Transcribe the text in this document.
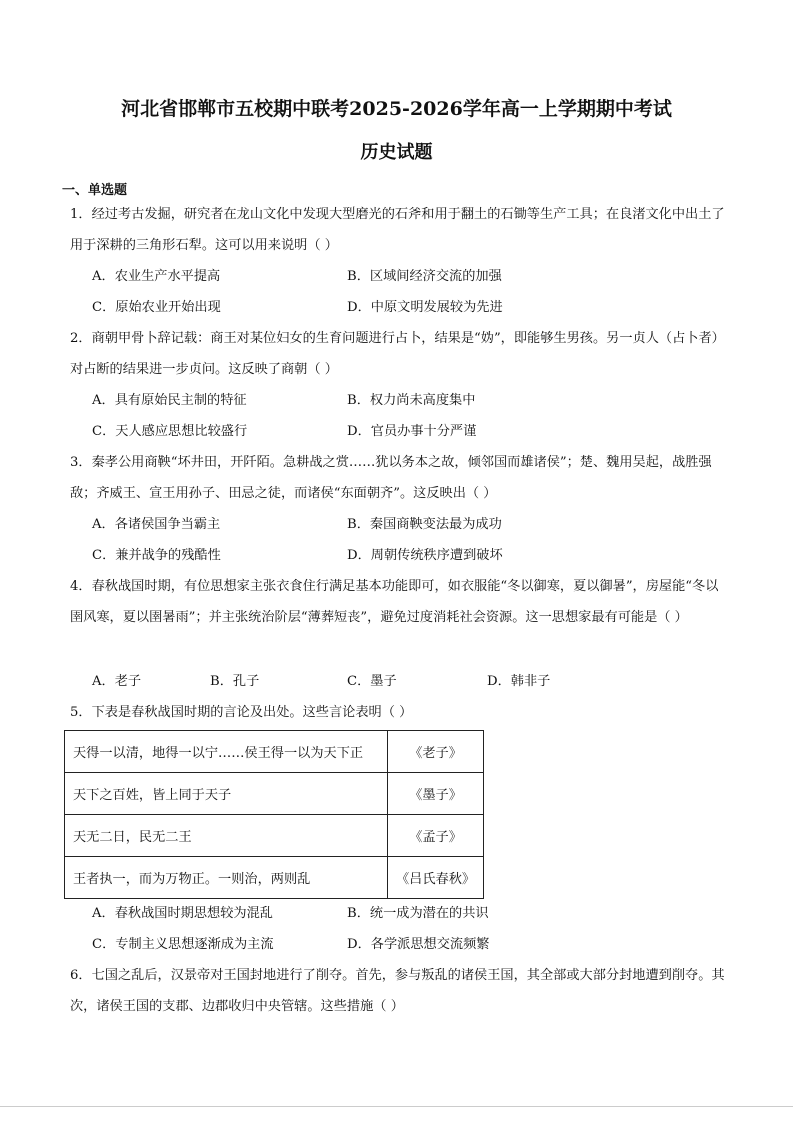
河北省邯郸市五校期中联考2025-2026学年高一上学期期中考试
历史试题
一、单选题
1．经过考古发掘，研究者在龙山文化中发现大型磨光的石斧和用于翻土的石锄等生产工具；在良渚文化中出土了用于深耕的三角形石犁。这可以用来说明（ ）
A．农业生产水平提高	B．区域间经济交流的加强
C．原始农业开始出现	D．中原文明发展较为先进
2．商朝甲骨卜辞记载：商王对某位妇女的生育问题进行占卜，结果是“妫”，即能够生男孩。另一贞人（占卜者）对占断的结果进一步贞问。这反映了商朝（ ）
A．具有原始民主制的特征	B．权力尚未高度集中
C．天人感应思想比较盛行	D．官员办事十分严谨
3．秦孝公用商鞅“坏井田，开阡陌。急耕战之赏……犹以务本之故，倾邻国而雄诸侯”；楚、魏用吴起，战胜强敌；齐威王、宣王用孙子、田忌之徒，而诸侯“东面朝齐”。这反映出（ ）
A．各诸侯国争当霸主	B．秦国商鞅变法最为成功
C．兼并战争的残酷性	D．周朝传统秩序遭到破坏
4．春秋战国时期，有位思想家主张衣食住行满足基本功能即可，如衣服能“冬以御寒，夏以御暑”，房屋能“冬以圉风寒，夏以圉暑雨”；并主张统治阶层“薄葬短丧”，避免过度消耗社会资源。这一思想家最有可能是（ ）
A．老子	B．孔子	C．墨子	D．韩非子
5．下表是春秋战国时期的言论及出处。这些言论表明（ ）
天得一以清，地得一以宁……侯王得一以为天下正	《老子》
天下之百姓，皆上同于天子	《墨子》
天无二日，民无二王	《孟子》
王者执一，而为万物正。一则治，两则乱	《吕氏春秋》
A．春秋战国时期思想较为混乱	B．统一成为潜在的共识
C．专制主义思想逐渐成为主流	D．各学派思想交流频繁
6．七国之乱后，汉景帝对王国封地进行了削夺。首先，参与叛乱的诸侯王国，其全部或大部分封地遭到削夺。其次，诸侯王国的支郡、边郡收归中央管辖。这些措施（ ）
